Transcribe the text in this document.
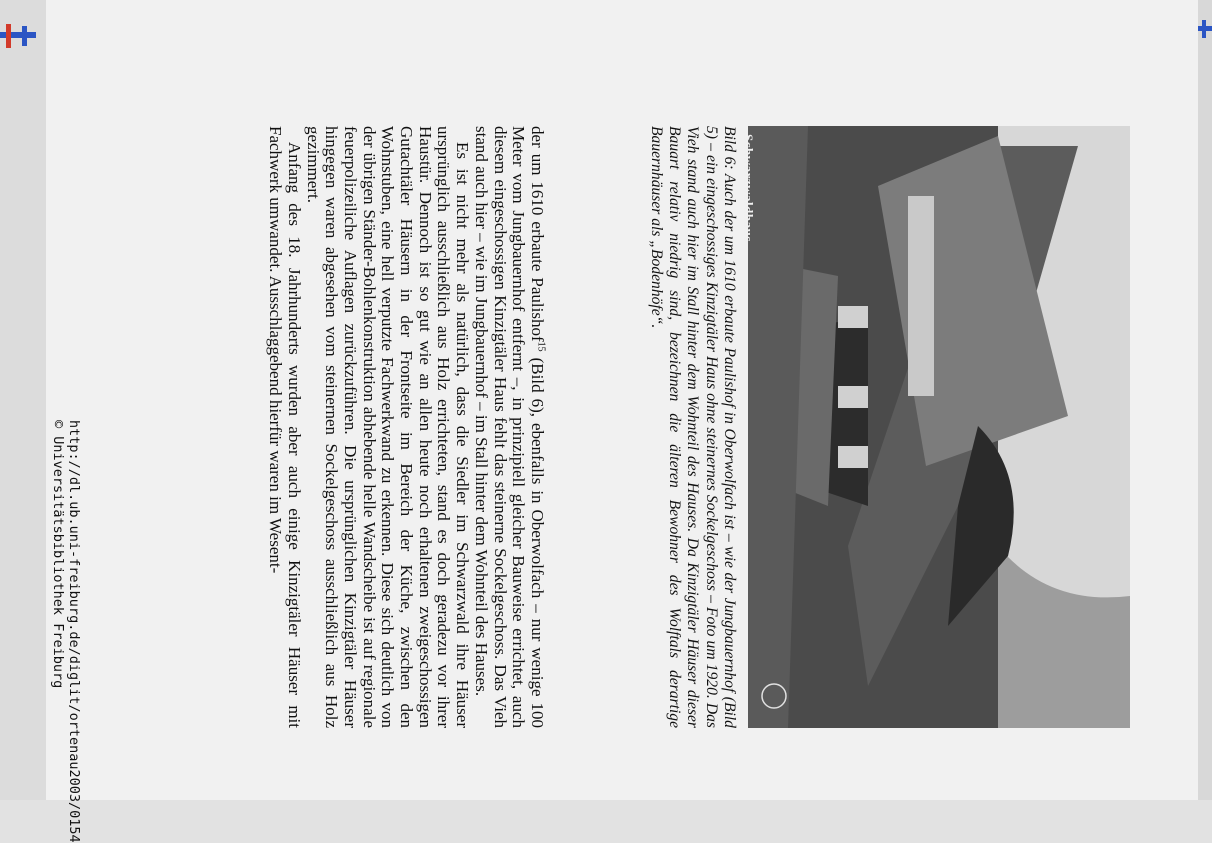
http://dl.ub.uni-freiburg.de/diglit/ortenau2003/0154
© Universitätsbibliothek Freiburg
Schwarzwaldhaus

Bild 6: Auch der um 1610 erbaute Paulishof in Oberwolfach ist – wie der Jungbauernhof (Bild 5) – ein eingeschossiges Kinzigtäler Haus ohne steinernes Sockelgeschoss – Foto um 1920. Das Vieh stand auch hier im Stall hinter dem Wohnteil des Hauses. Da Kinzigtäler Häuser dieser Bauart relativ niedrig sind, bezeichnen die älteren Bewohner des Wolftals derartige Bauernhäuser als „Bodenhöfe“.

der um 1610 erbaute Paulishof$^{15}$ (Bild 6), ebenfalls in Oberwolfach – nur wenige 100 Meter vom Jungbauernhof entfernt –, in prinzipiell gleicher Bauweise errichtet, auch diesem eingeschossigen Kinzigtäler Haus fehlt das steinerne Sockelgeschoss. Das Vieh stand auch hier – wie im Jungbauernhof – im Stall hinter dem Wohnteil des Hauses.

Es ist nicht mehr als natürlich, dass die Siedler im Schwarzwald ihre Häuser ursprünglich ausschließlich aus Holz errichteten, stand es doch geradezu vor ihrer Haustür. Dennoch ist so gut wie an allen heute noch erhaltenen zweigeschossigen Gutachtäler Häusern in der Frontseite im Bereich der Küche, zwischen den Wohnstuben, eine hell verputzte Fachwerkwand zu erkennen. Diese sich deutlich von der übrigen Ständer-Bohlenkonstruktion abhebende helle Wandscheibe ist auf regionale feuerpolizeiliche Auflagen zurückzuführen. Die ursprünglichen Kinzigtäler Häuser hingegen waren abgesehen vom steinernen Sockelgeschoss ausschließlich aus Holz gezimmert.

Anfang des 18. Jahrhunderts wurden aber auch einige Kinzigtäler Häuser mit Fachwerk umwandet. Ausschlaggebend hierfür waren im Wesent-
